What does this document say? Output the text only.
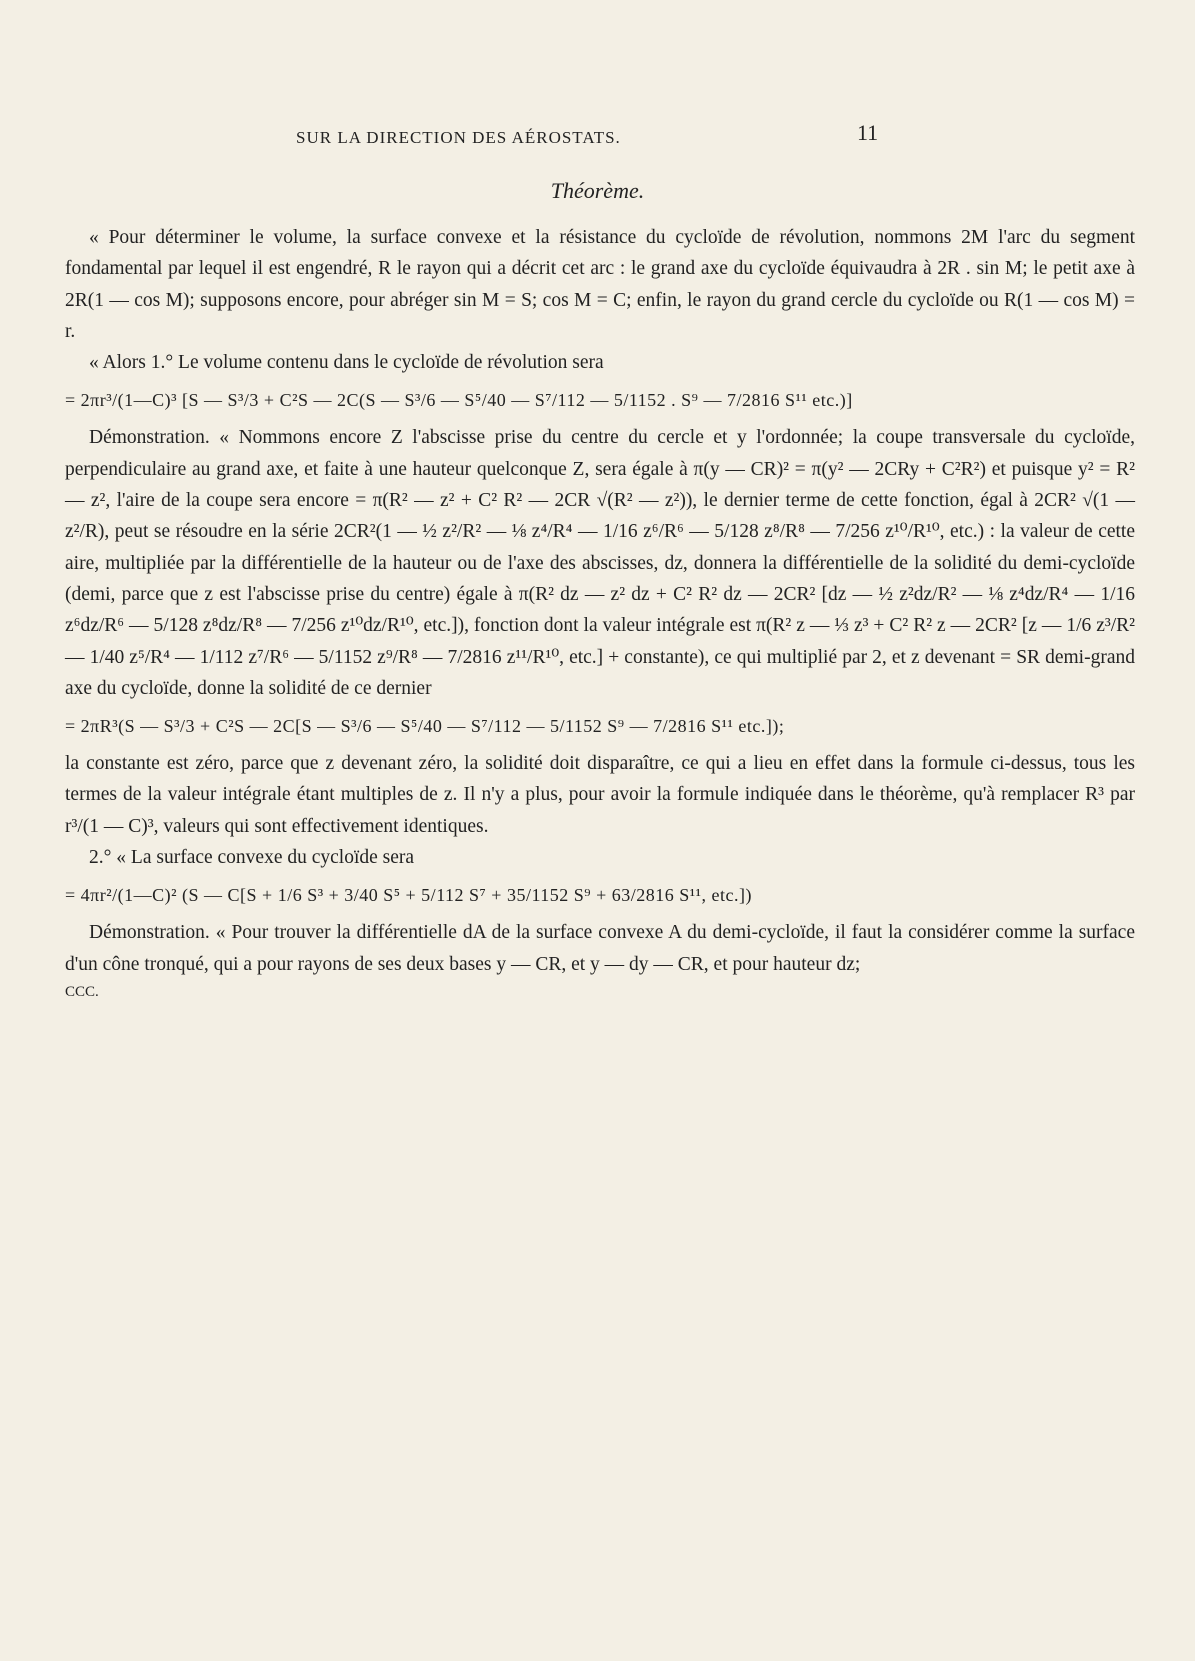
SUR LA DIRECTION DES AÉROSTATS.	11
Théorème.

« Pour déterminer le volume, la surface convexe et la résistance du cycloïde de révolution, nommons 2M l'arc du segment fondamental par lequel il est engendré, R le rayon qui a décrit cet arc : le grand axe du cycloïde équivaudra à 2R . sin M; le petit axe à 2R(1 — cos M); supposons encore, pour abréger sin M = S; cos M = C; enfin, le rayon du grand cercle du cycloïde ou R(1 — cos M) = r.

« Alors 1.° Le volume contenu dans le cycloïde de révolution sera

= 2πr³/(1—C)³ [S — S³/3 + C²S — 2C(S — S³/6 — S⁵/40 — S⁷/112 — 5/1152 . S⁹ — 7/2816 S¹¹ etc.)]

Démonstration. « Nommons encore Z l'abscisse prise du centre du cercle et y l'ordonnée; la coupe transversale du cycloïde, perpendiculaire au grand axe, et faite à une hauteur quelconque Z, sera égale à π(y — CR)² = π(y² — 2CRy + C²R²) et puisque y² = R² — z², l'aire de la coupe sera encore = π(R² — z² + C² R² — 2CR √(R² — z²)), le dernier terme de cette fonction, égal à 2CR² √(1 — z²/R), peut se résoudre en la série 2CR²(1 — ½ z²/R² — ⅛ z⁴/R⁴ — 1/16 z⁶/R⁶ — 5/128 z⁸/R⁸ — 7/256 z¹⁰/R¹⁰, etc.) : la valeur de cette aire, multipliée par la différentielle de la hauteur ou de l'axe des abscisses, dz, donnera la différentielle de la solidité du demi-cycloïde (demi, parce que z est l'abscisse prise du centre) égale à π(R² dz — z² dz + C² R² dz — 2CR² [dz — ½ z²dz/R² — ⅛ z⁴dz/R⁴ — 1/16 z⁶dz/R⁶ — 5/128 z⁸dz/R⁸ — 7/256 z¹⁰dz/R¹⁰, etc.]), fonction dont la valeur intégrale est π(R² z — ⅓ z³ + C² R² z — 2CR² [z — 1/6 z³/R² — 1/40 z⁵/R⁴ — 1/112 z⁷/R⁶ — 5/1152 z⁹/R⁸ — 7/2816 z¹¹/R¹⁰, etc.] + constante), ce qui multiplié par 2, et z devenant = SR demi-grand axe du cycloïde, donne la solidité de ce dernier

= 2πR³(S — S³/3 + C²S — 2C[S — S³/6 — S⁵/40 — S⁷/112 — 5/1152 S⁹ — 7/2816 S¹¹ etc.]);

la constante est zéro, parce que z devenant zéro, la solidité doit disparaître, ce qui a lieu en effet dans la formule ci-dessus, tous les termes de la valeur intégrale étant multiples de z. Il n'y a plus, pour avoir la formule indiquée dans le théorème, qu'à remplacer R³ par r³/(1 — C)³, valeurs qui sont effectivement identiques.

2.° « La surface convexe du cycloïde sera

= 4πr²/(1—C)² (S — C[S + 1/6 S³ + 3/40 S⁵ + 5/112 S⁷ + 35/1152 S⁹ + 63/2816 S¹¹, etc.])

Démonstration. « Pour trouver la différentielle dA de la surface convexe A du demi-cycloïde, il faut la considérer comme la surface d'un cône tronqué, qui a pour rayons de ses deux bases y — CR, et y — dy — CR, et pour hauteur dz;

CCC.
